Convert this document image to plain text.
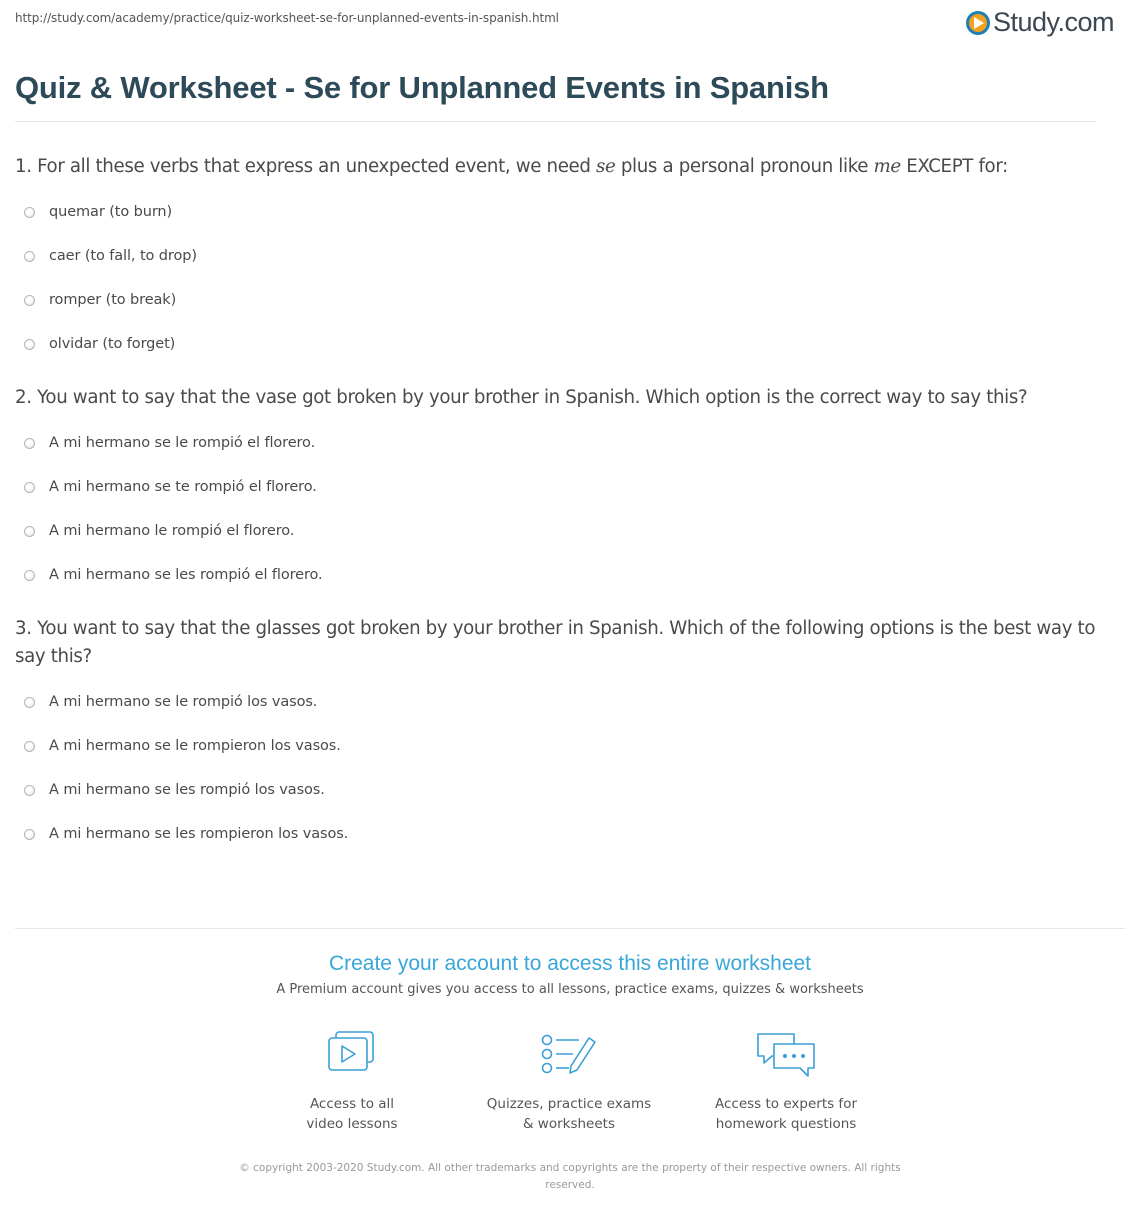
http://study.com/academy/practice/quiz-worksheet-se-for-unplanned-events-in-spanish.html	Study.com
Quiz & Worksheet - Se for Unplanned Events in Spanish
1. For all these verbs that express an unexpected event, we need se plus a personal pronoun like me EXCEPT for:
quemar (to burn)
caer (to fall, to drop)
romper (to break)
olvidar (to forget)
2. You want to say that the vase got broken by your brother in Spanish. Which option is the correct way to say this?
A mi hermano se le rompió el florero.
A mi hermano se te rompió el florero.
A mi hermano le rompió el florero.
A mi hermano se les rompió el florero.
3. You want to say that the glasses got broken by your brother in Spanish. Which of the following options is the best way to say this?
A mi hermano se le rompió los vasos.
A mi hermano se le rompieron los vasos.
A mi hermano se les rompió los vasos.
A mi hermano se les rompieron los vasos.
Create your account to access this entire worksheet
A Premium account gives you access to all lessons, practice exams, quizzes & worksheets
Access to all
video lessons
Quizzes, practice exams
& worksheets
Access to experts for
homework questions
© copyright 2003-2020 Study.com. All other trademarks and copyrights are the property of their respective owners. All rights reserved.
